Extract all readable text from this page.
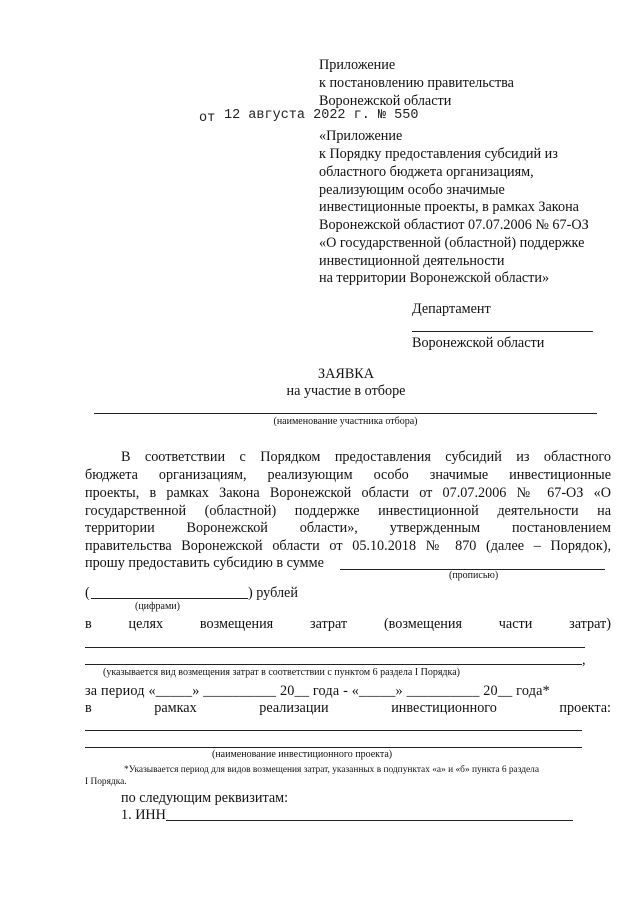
Приложение
к постановлению правительства
Воронежской области
от 12 августа 2022 г. № 550
«Приложение
к Порядку предоставления субсидий из
областного бюджета организациям,
реализующим особо значимые
инвестиционные проекты, в рамках Закона
Воронежской областиот 07.07.2006 № 67-ОЗ
«О государственной (областной) поддержке
инвестиционной деятельности
на территории Воронежской области»
Департамент
Воронежской области
ЗАЯВКА
на участие в отборе
(наименование участника отбора)
В соответствии с Порядком предоставления субсидий из областного
бюджета организациям, реализующим особо значимые инвестиционные
проекты, в рамках Закона Воронежской области от 07.07.2006 № 67-ОЗ «О
государственной (областной) поддержке инвестиционной деятельности на
территории Воронежской области», утвержденным постановлением
правительства Воронежской области от 05.10.2018 № 870 (далее – Порядок),
прошу предоставить субсидию в сумме
(прописью)
(	) рублей
(цифрами)
в	целях	возмещения	затрат	(возмещения	части	затрат)
,
(указывается вид возмещения затрат в соответствии с пунктом 6 раздела I Порядка)
за период «_____» __________ 20__ года - «_____» __________ 20__ года*
в	рамках	реализации	инвестиционного	проекта:
(наименование инвестиционного проекта)
*Указывается период для видов возмещения затрат, указанных в подпунктах «а» и «б» пункта 6 раздела
I Порядка.
по следующим реквизитам:
1. ИНН
